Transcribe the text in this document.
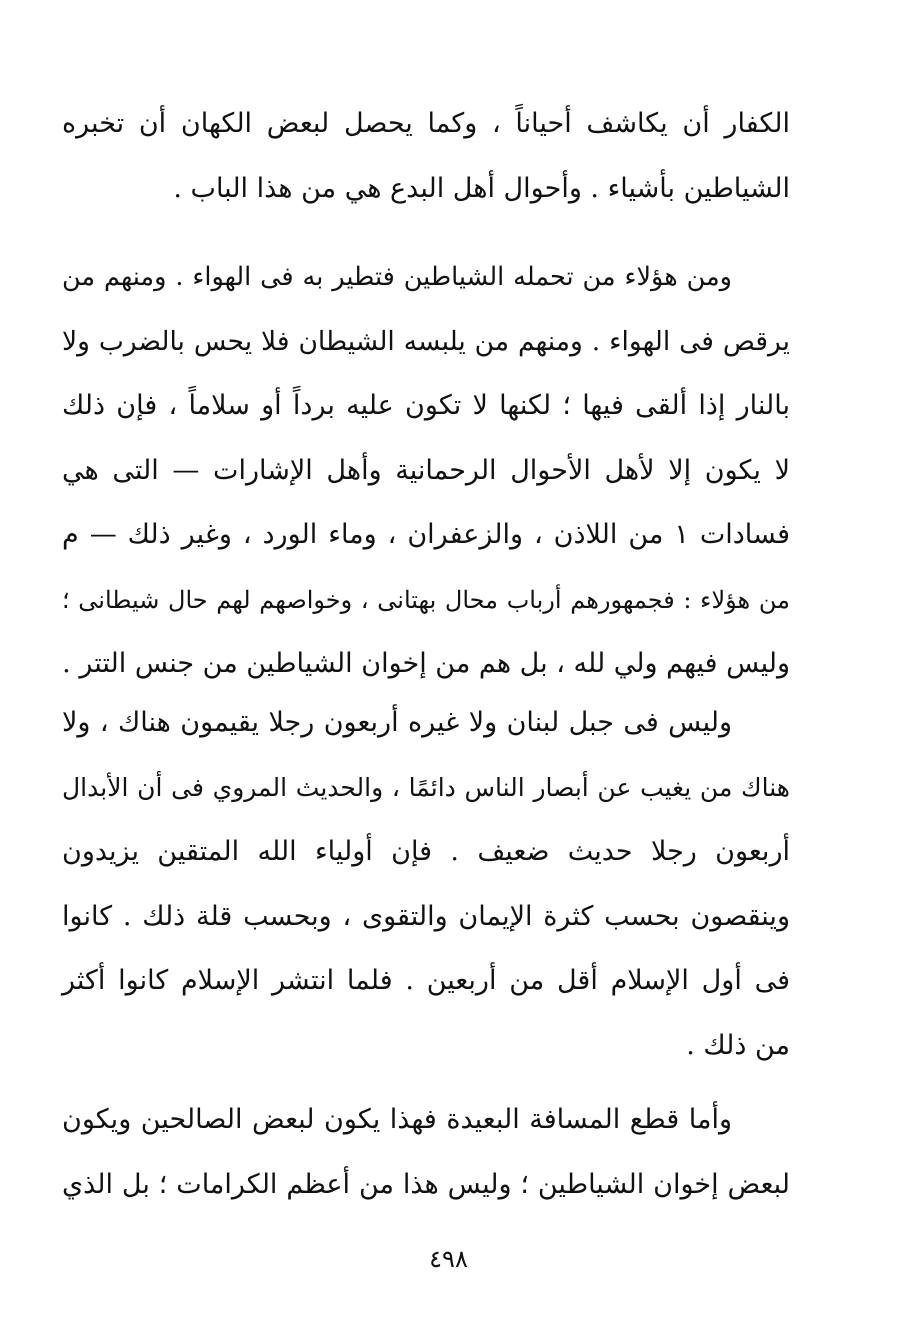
الكفار أن يكاشف أحياناً ، وكما يحصل لبعض الكهان أن تخبره
الشياطين بأشياء . وأحوال أهل البدع هي من هذا الباب .
ومن هؤلاء من تحمله الشياطين فتطير به فى الهواء . ومنهم من
يرقص فى الهواء . ومنهم من يلبسه الشيطان فلا يحس بالضرب ولا
بالنار إذا ألقى فيها ؛ لكنها لا تكون عليه برداً أو سلاماً ، فإن ذلك
لا يكون إلا لأهل الأحوال الرحمانية وأهل الإشارات — التى هي
فسادات ١ من اللاذن ، والزعفران ، وماء الورد ، وغير ذلك — م
من هؤلاء : فجمهورهم أرباب محال بهتانى ، وخواصهم لهم حال شيطانى ؛
وليس فيهم ولي لله ، بل هم من إخوان الشياطين من جنس التتر .
وليس فى جبل لبنان ولا غيره أربعون رجلا يقيمون هناك ، ولا
هناك من يغيب عن أبصار الناس دائمًا ، والحديث المروي فى أن الأبدال
أربعون رجلا حديث ضعيف . فإن أولياء الله المتقين يزيدون
وينقصون بحسب كثرة الإيمان والتقوى ، وبحسب قلة ذلك . كانوا
فى أول الإسلام أقل من أربعين . فلما انتشر الإسلام كانوا أكثر
من ذلك .
وأما قطع المسافة البعيدة فهذا يكون لبعض الصالحين ويكون
لبعض إخوان الشياطين ؛ وليس هذا من أعظم الكرامات ؛ بل الذي
٤٩٨
